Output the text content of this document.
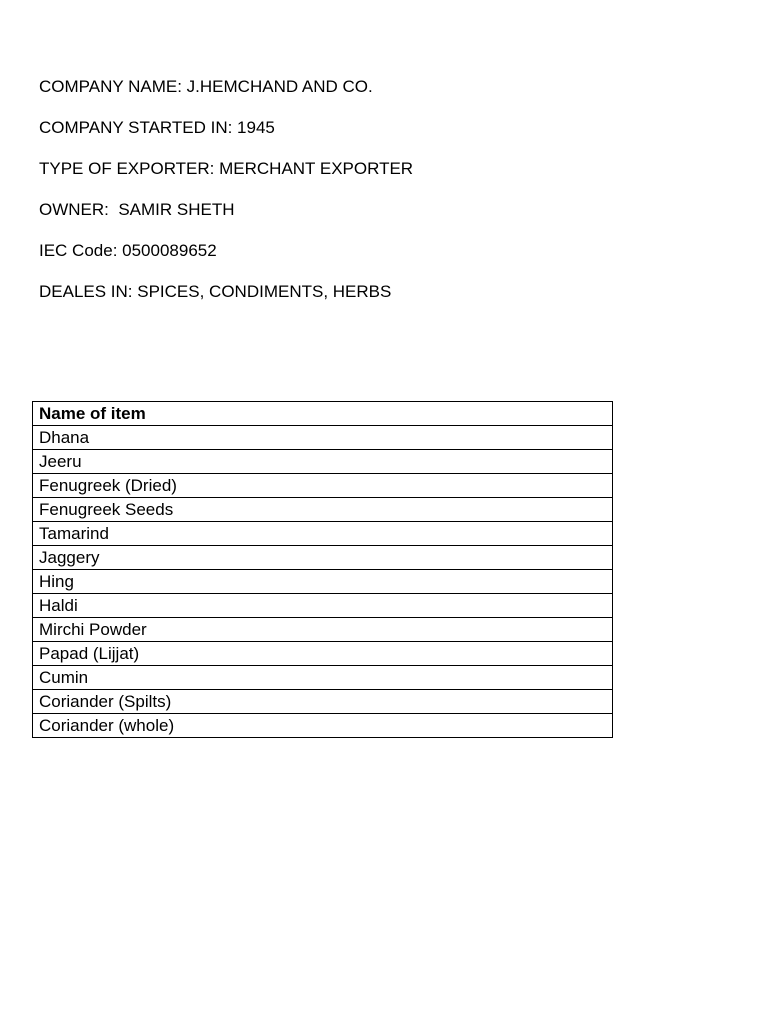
COMPANY NAME: J.HEMCHAND AND CO.
COMPANY STARTED IN: 1945
TYPE OF EXPORTER: MERCHANT EXPORTER
OWNER:  SAMIR SHETH
IEC Code: 0500089652
DEALES IN: SPICES, CONDIMENTS, HERBS
Name of item
Dhana
Jeeru
Fenugreek (Dried)
Fenugreek Seeds
Tamarind
Jaggery
Hing
Haldi
Mirchi Powder
Papad (Lijjat)
Cumin
Coriander (Spilts)
Coriander (whole)
